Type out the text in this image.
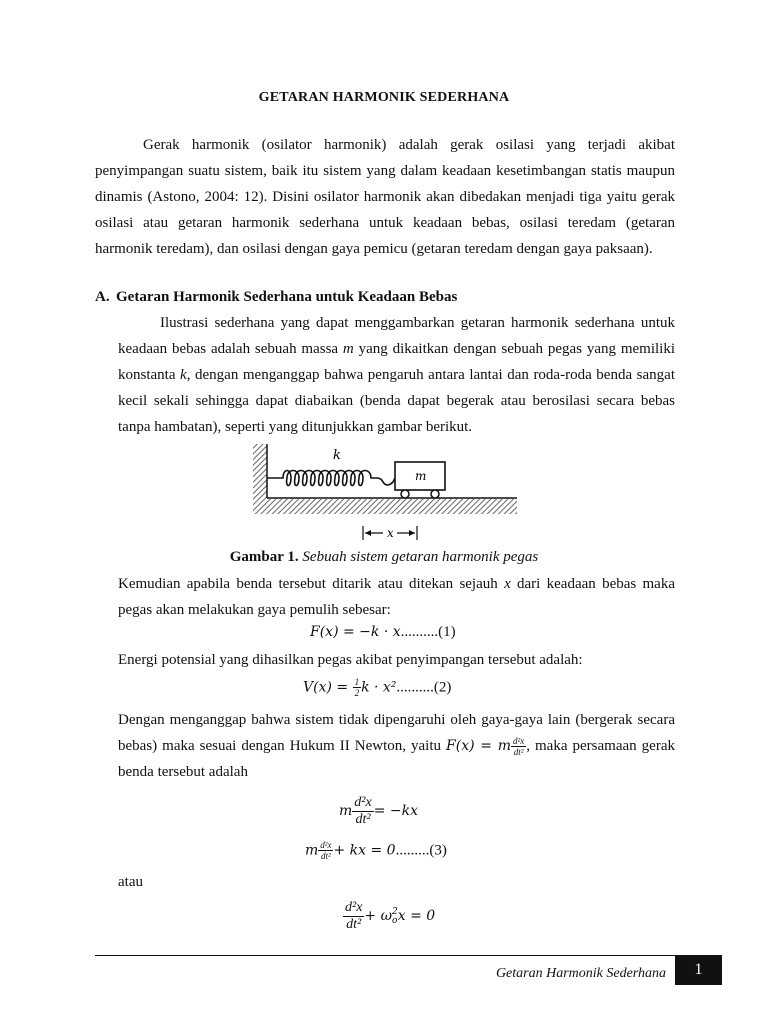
GETARAN HARMONIK SEDERHANA
Gerak harmonik (osilator harmonik) adalah gerak osilasi yang terjadi akibat penyimpangan suatu sistem, baik itu sistem yang dalam keadaan kesetimbangan statis maupun dinamis (Astono, 2004: 12). Disini osilator harmonik akan dibedakan menjadi tiga yaitu gerak osilasi atau getaran harmonik sederhana untuk keadaan bebas, osilasi teredam (getaran harmonik teredam), dan osilasi dengan gaya pemicu (getaran teredam dengan gaya paksaan).
A. Getaran Harmonik Sederhana untuk Keadaan Bebas
Ilustrasi sederhana yang dapat menggambarkan getaran harmonik sederhana untuk keadaan bebas adalah sebuah massa m yang dikaitkan dengan sebuah pegas yang memiliki konstanta k, dengan menganggap bahwa pengaruh antara lantai dan roda-roda benda sangat kecil sekali sehingga dapat diabaikan (benda dapat begerak atau berosilasi secara bebas tanpa hambatan), seperti yang ditunjukkan gambar berikut.
k
m
x
Gambar 1. Sebuah sistem getaran harmonik pegas
Kemudian apabila benda tersebut ditarik atau ditekan sejauh x dari keadaan bebas maka pegas akan melakukan gaya pemulih sebesar:
F(x) = −k · x..........(1)
Energi potensial yang dihasilkan pegas akibat penyimpangan tersebut adalah:
$V(x) = \frac{1}{2}$ k · x²..........(2)
Dengan menganggap bahwa sistem tidak dipengaruhi oleh gaya-gaya lain (bergerak secara bebas) maka sesuai dengan Hukum II Newton, yaitu F(x) = m $\frac{\text{d²x}}{\text{dt²}}$ , maka persamaan gerak benda tersebut adalah
m $\frac{\text{d²x}}{\text{dt²}} = -kx$
m $\frac{\text{d²x}}{\text{dt²}}$ + kx = 0.........(3)
atau
$\frac{\text{d²x}}{\text{dt²}} + \omega$ 2
o x = 0
Getaran Harmonik Sederhana	1
